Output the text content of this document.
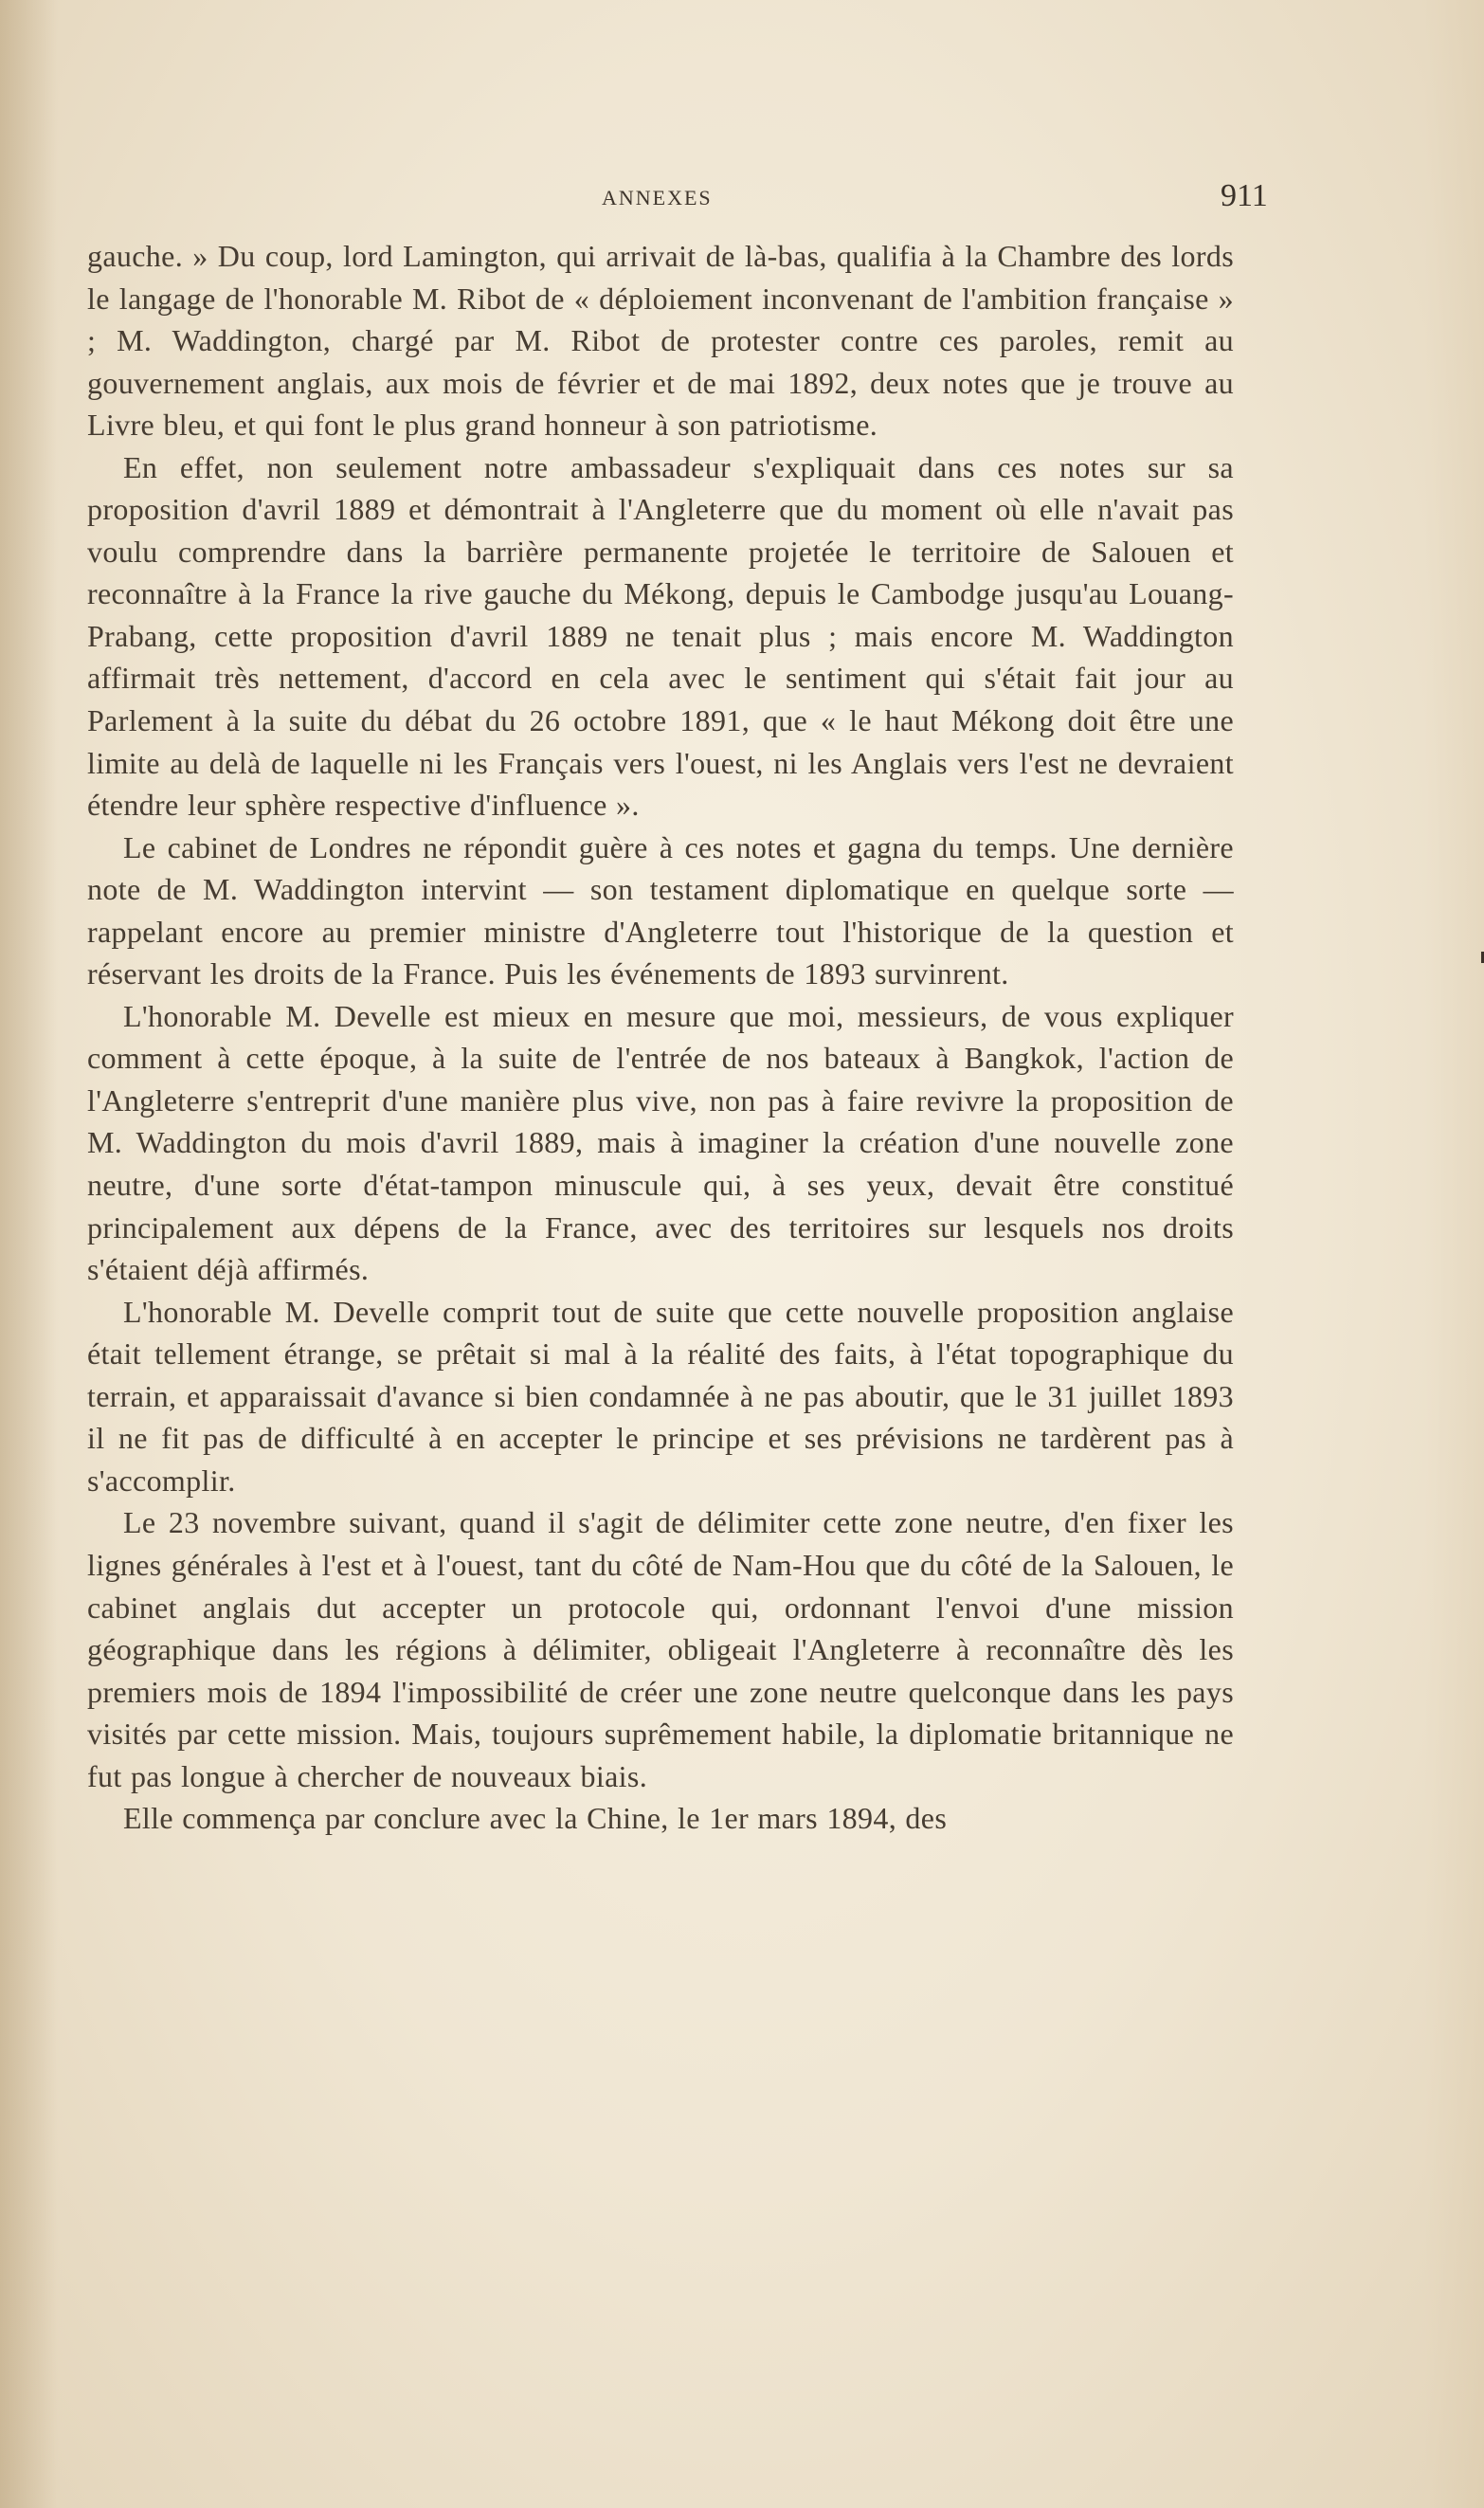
ANNEXES	911

gauche. » Du coup, lord Lamington, qui arrivait de là-bas, qualifia à la Chambre des lords le langage de l'honorable M. Ribot de « déploiement inconvenant de l'ambition française » ; M. Waddington, chargé par M. Ribot de protester contre ces paroles, remit au gouvernement anglais, aux mois de février et de mai 1892, deux notes que je trouve au Livre bleu, et qui font le plus grand honneur à son patriotisme.

En effet, non seulement notre ambassadeur s'expliquait dans ces notes sur sa proposition d'avril 1889 et démontrait à l'Angleterre que du moment où elle n'avait pas voulu comprendre dans la barrière permanente projetée le territoire de Salouen et reconnaître à la France la rive gauche du Mékong, depuis le Cambodge jusqu'au Louang-Prabang, cette proposition d'avril 1889 ne tenait plus ; mais encore M. Waddington affirmait très nettement, d'accord en cela avec le sentiment qui s'était fait jour au Parlement à la suite du débat du 26 octobre 1891, que « le haut Mékong doit être une limite au delà de laquelle ni les Français vers l'ouest, ni les Anglais vers l'est ne devraient étendre leur sphère respective d'influence ».

Le cabinet de Londres ne répondit guère à ces notes et gagna du temps. Une dernière note de M. Waddington intervint — son testament diplomatique en quelque sorte — rappelant encore au premier ministre d'Angleterre tout l'historique de la question et réservant les droits de la France. Puis les événements de 1893 survinrent.

L'honorable M. Develle est mieux en mesure que moi, messieurs, de vous expliquer comment à cette époque, à la suite de l'entrée de nos bateaux à Bangkok, l'action de l'Angleterre s'entreprit d'une manière plus vive, non pas à faire revivre la proposition de M. Waddington du mois d'avril 1889, mais à imaginer la création d'une nouvelle zone neutre, d'une sorte d'état-tampon minuscule qui, à ses yeux, devait être constitué principalement aux dépens de la France, avec des territoires sur lesquels nos droits s'étaient déjà affirmés.

L'honorable M. Develle comprit tout de suite que cette nouvelle proposition anglaise était tellement étrange, se prêtait si mal à la réalité des faits, à l'état topographique du terrain, et apparaissait d'avance si bien condamnée à ne pas aboutir, que le 31 juillet 1893 il ne fit pas de difficulté à en accepter le principe et ses prévisions ne tardèrent pas à s'accomplir.

Le 23 novembre suivant, quand il s'agit de délimiter cette zone neutre, d'en fixer les lignes générales à l'est et à l'ouest, tant du côté de Nam-Hou que du côté de la Salouen, le cabinet anglais dut accepter un protocole qui, ordonnant l'envoi d'une mission géographique dans les régions à délimiter, obligeait l'Angleterre à reconnaître dès les premiers mois de 1894 l'impossibilité de créer une zone neutre quelconque dans les pays visités par cette mission. Mais, toujours suprêmement habile, la diplomatie britannique ne fut pas longue à chercher de nouveaux biais.

Elle commença par conclure avec la Chine, le 1er mars 1894, des
